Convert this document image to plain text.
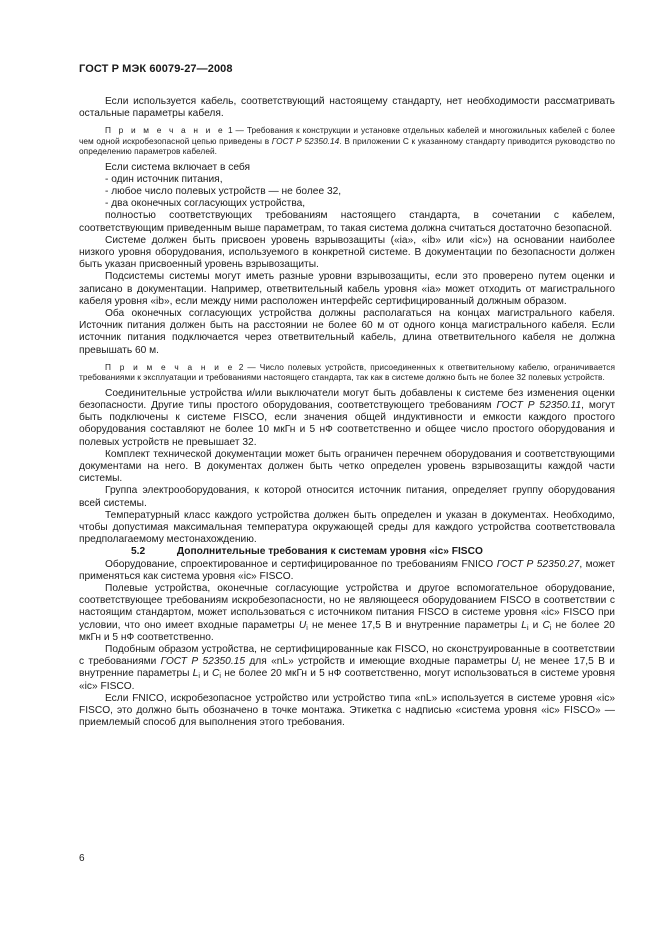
ГОСТ Р МЭК 60079-27—2008

Если используется кабель, соответствующий настоящему стандарту, нет необходимости рассматривать остальные параметры кабеля.

П р и м е ч а н и е 1 — Требования к конструкции и установке отдельных кабелей и многожильных кабелей с более чем одной искробезопасной цепью приведены в ГОСТ Р 52350.14. В приложении С к указанному стандарту приводится руководство по определению параметров кабелей.

Если система включает в себя

- один источник питания,

- любое число полевых устройств — не более 32,

- два оконечных согласующих устройства,

полностью соответствующих требованиям настоящего стандарта, в сочетании с кабелем, соответствующим приведенным выше параметрам, то такая система должна считаться достаточно безопасной.

Системе должен быть присвоен уровень взрывозащиты («ia», «ib» или «ic») на основании наиболее низкого уровня оборудования, используемого в конкретной системе. В документации по безопасности должен быть указан присвоенный уровень взрывозащиты.

Подсистемы системы могут иметь разные уровни взрывозащиты, если это проверено путем оценки и записано в документации. Например, ответвительный кабель уровня «ia» может отходить от магистрального кабеля уровня «ib», если между ними расположен интерфейс сертифицированный должным образом.

Оба оконечных согласующих устройства должны располагаться на концах магистрального кабеля. Источник питания должен быть на расстоянии не более 60 м от одного конца магистрального кабеля. Если источник питания подключается через ответвительный кабель, длина ответвительного кабеля не должна превышать 60 м.

П р и м е ч а н и е 2 — Число полевых устройств, присоединенных к ответвительному кабелю, ограничивается требованиями к эксплуатации и требованиями настоящего стандарта, так как в системе должно быть не более 32 полевых устройств.

Соединительные устройства и/или выключатели могут быть добавлены к системе без изменения оценки безопасности. Другие типы простого оборудования, соответствующего требованиям ГОСТ Р 52350.11, могут быть подключены к системе FISCO, если значения общей индуктивности и емкости каждого простого оборудования составляют не более 10 мкГн и 5 нФ соответственно и общее число простого оборудования и полевых устройств не превышает 32.

Комплект технической документации может быть ограничен перечнем оборудования и соответствующими документами на него. В документах должен быть четко определен уровень взрывозащиты каждой части системы.

Группа электрооборудования, к которой относится источник питания, определяет группу оборудования всей системы.

Температурный класс каждого устройства должен быть определен и указан в документах. Необходимо, чтобы допустимая максимальная температура окружающей среды для каждого устройства соответствовала предполагаемому местонахождению.

5.2	Дополнительные требования к системам уровня «ic» FISCO

Оборудование, спроектированное и сертифицированное по требованиям FNICO ГОСТ Р 52350.27, может применяться как система уровня «ic» FISCO.

Полевые устройства, оконечные согласующие устройства и другое вспомогательное оборудование, соответствующее требованиям искробезопасности, но не являющееся оборудованием FISCO в соответствии с настоящим стандартом, может использоваться с источником питания FISCO в системе уровня «ic» FISCO при условии, что оно имеет входные параметры $U_i$ не менее 17,5 В и внутренние параметры $L_i$ и $C_i$ не более 20 мкГн и 5 нФ соответственно.

Подобным образом устройства, не сертифицированные как FISCO, но сконструированные в соответствии с требованиями ГОСТ Р 52350.15 для «nL» устройств и имеющие входные параметры $U_i$ не менее 17,5 В и внутренние параметры $L_i$ и $C_i$ не более 20 мкГн и 5 нФ соответственно, могут использоваться в системе уровня «ic» FISCO.

Если FNICO, искробезопасное устройство или устройство типа «nL» используется в системе уровня «ic» FISCO, это должно быть обозначено в точке монтажа. Этикетка с надписью «система уровня «ic» FISCO» — приемлемый способ для выполнения этого требования.

6
